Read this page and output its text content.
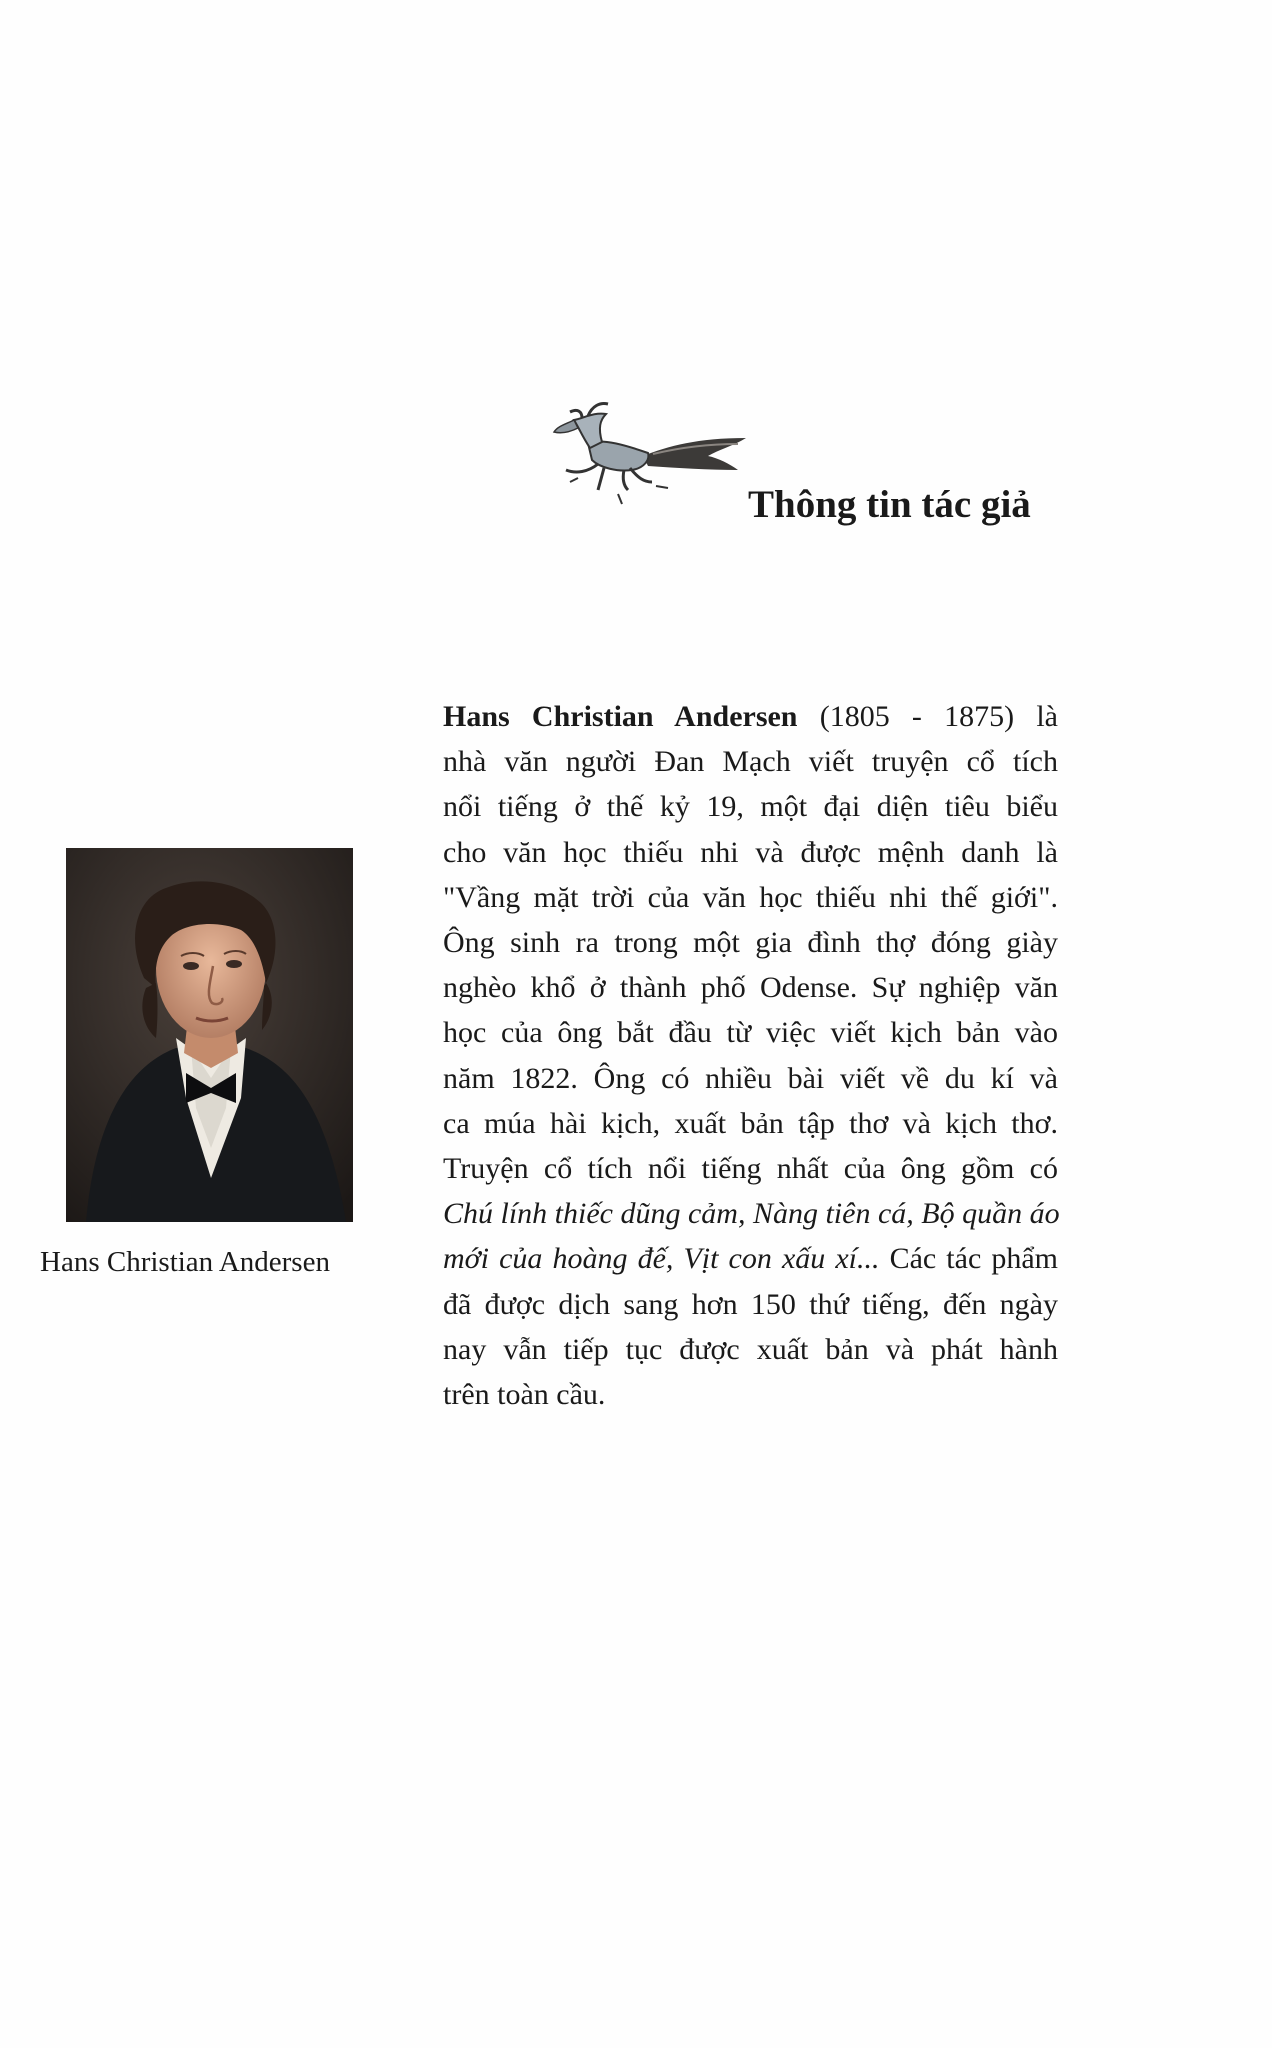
Thông tin tác giả
Hans Christian Andersen
Hans Christian Andersen (1805 - 1875) là
nhà văn người Đan Mạch viết truyện cổ tích
nổi tiếng ở thế kỷ 19, một đại diện tiêu biểu
cho văn học thiếu nhi và được mệnh danh là
"Vầng mặt trời của văn học thiếu nhi thế giới".
Ông sinh ra trong một gia đình thợ đóng giày
nghèo khổ ở thành phố Odense. Sự nghiệp văn
học của ông bắt đầu từ việc viết kịch bản vào
năm 1822. Ông có nhiều bài viết về du kí và
ca múa hài kịch, xuất bản tập thơ và kịch thơ.
Truyện cổ tích nổi tiếng nhất của ông gồm có
Chú lính thiếc dũng cảm, Nàng tiên cá, Bộ quần áo
mới của hoàng đế, Vịt con xấu xí... Các tác phẩm
đã được dịch sang hơn 150 thứ tiếng, đến ngày
nay vẫn tiếp tục được xuất bản và phát hành
trên toàn cầu.
